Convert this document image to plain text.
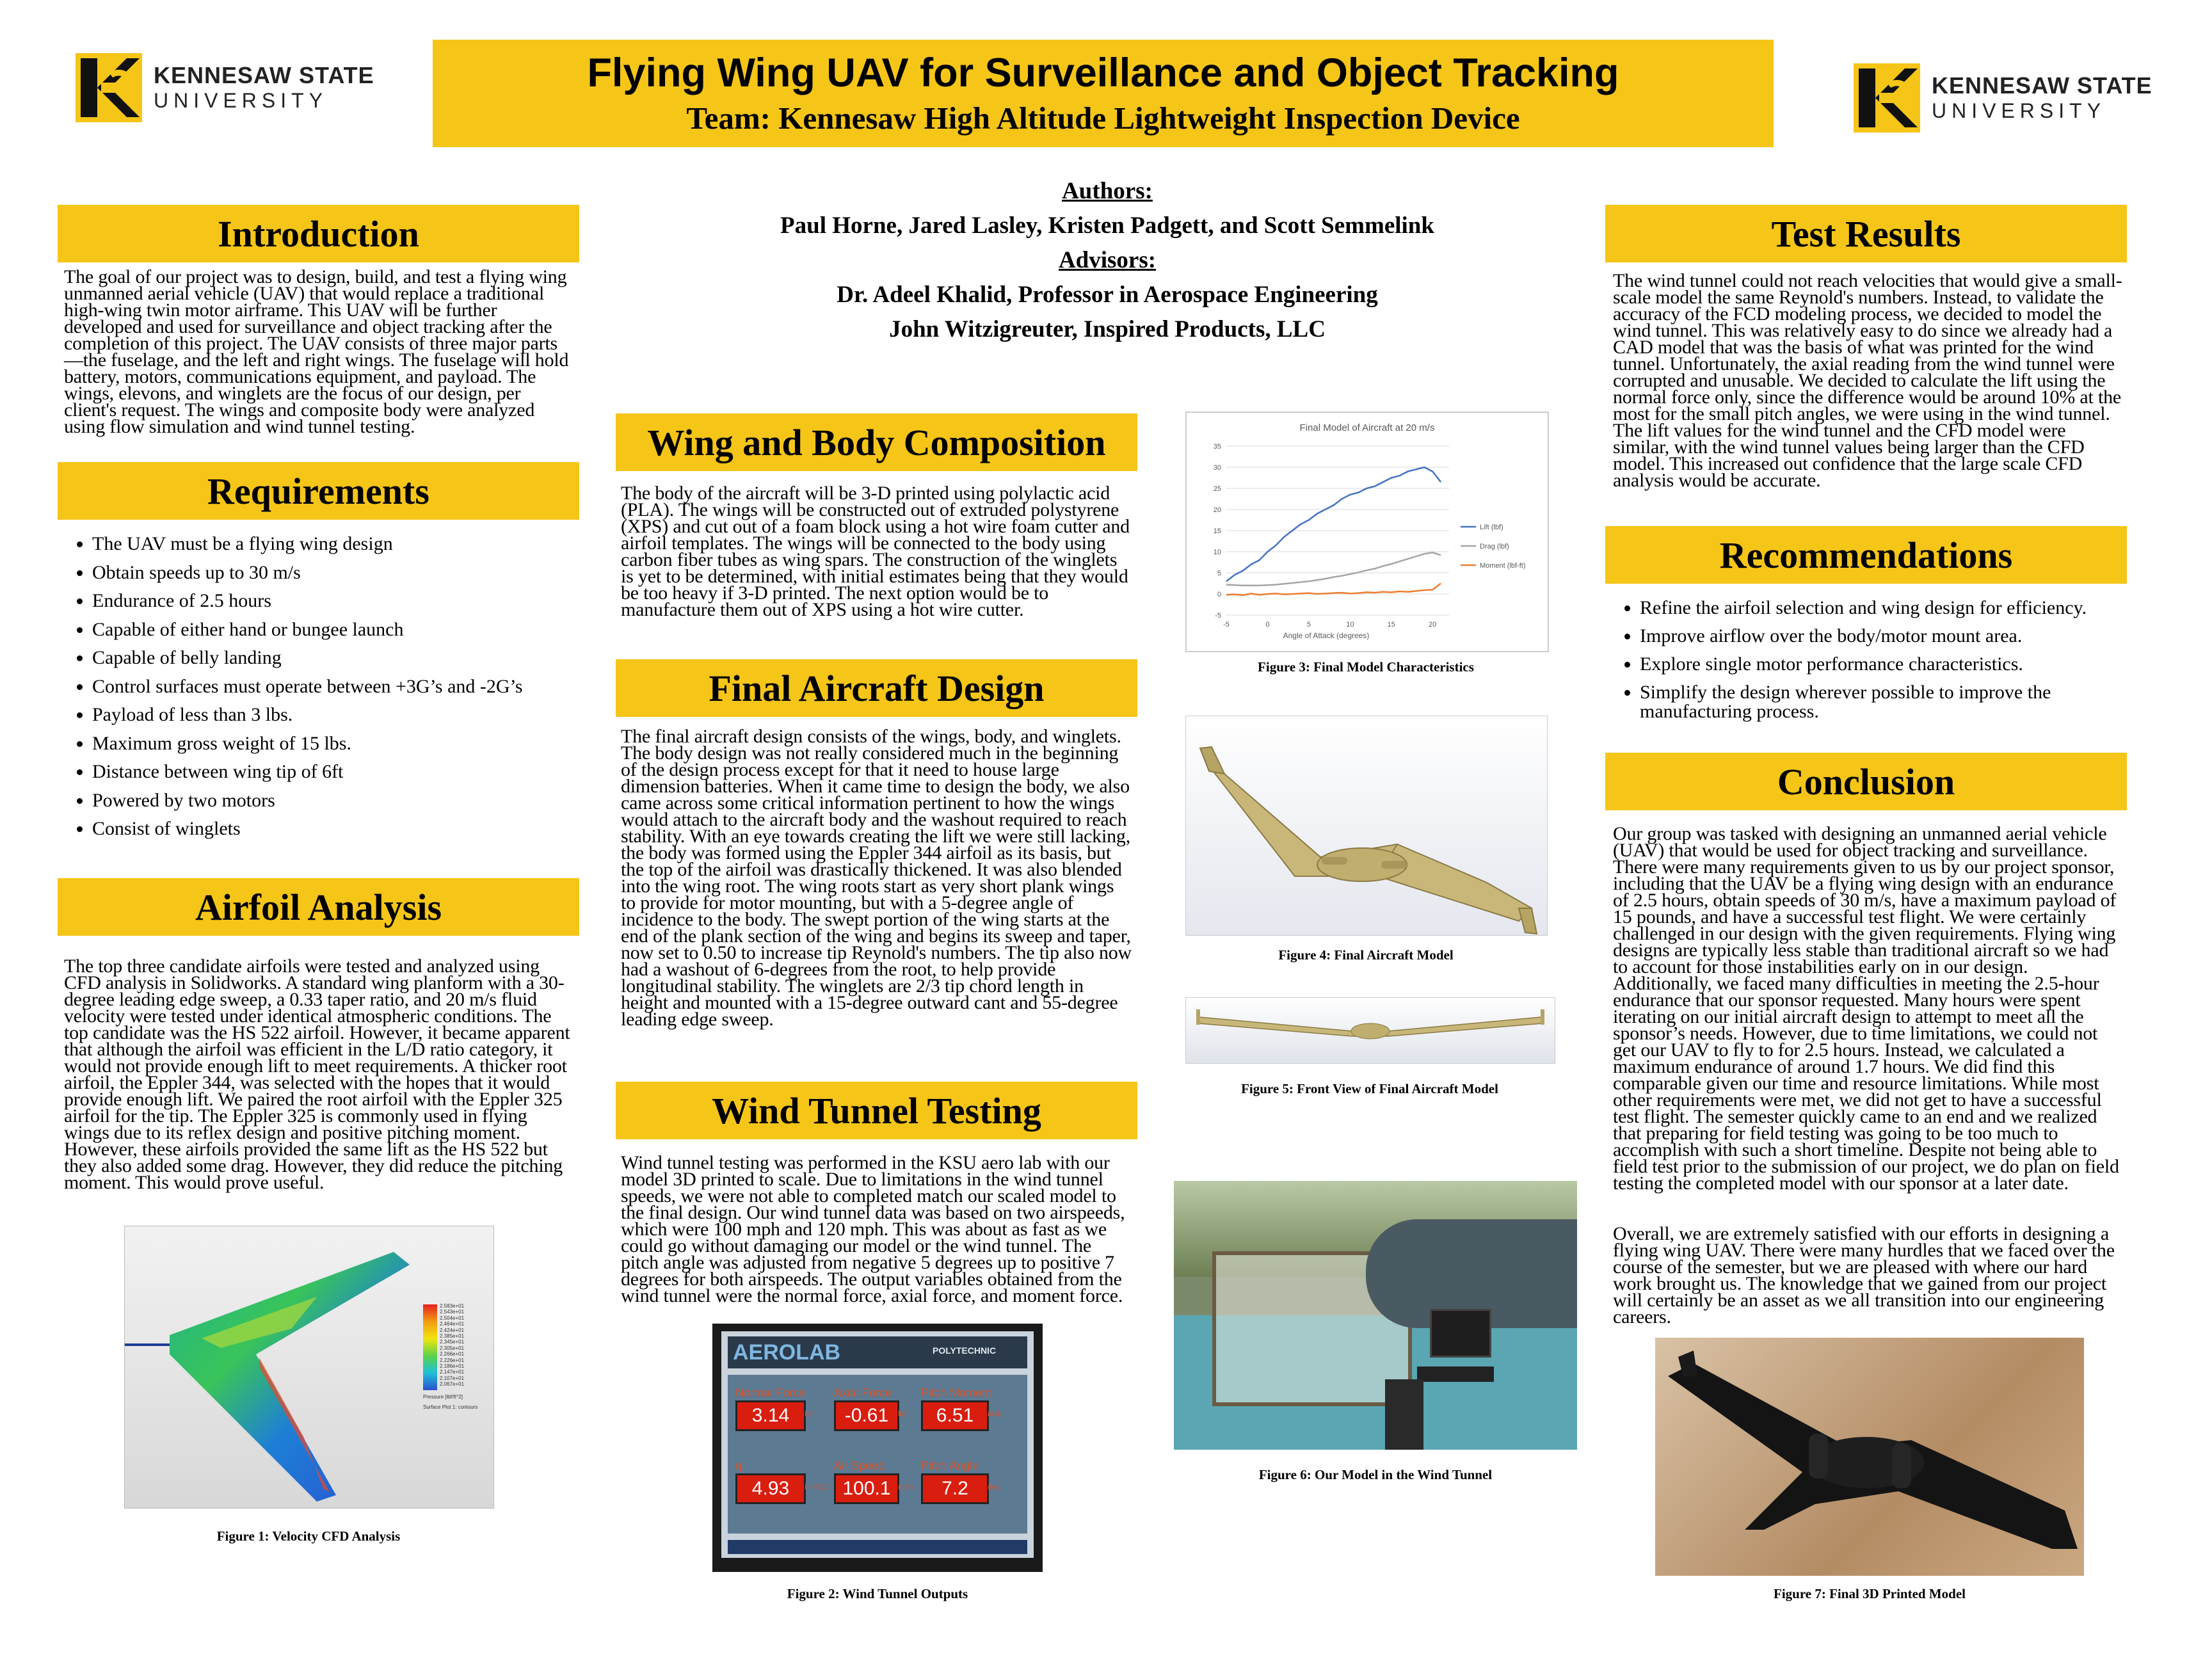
KENNESAW STATE
UNIVERSITY
Flying Wing UAV for Surveillance and Object Tracking
Team: Kennesaw High Altitude Lightweight Inspection Device
KENNESAW STATE
UNIVERSITY
Authors:
Paul Horne, Jared Lasley, Kristen Padgett, and Scott Semmelink
Advisors:
Dr. Adeel Khalid, Professor in Aerospace Engineering
John Witzigreuter, Inspired Products, LLC
Introduction
The goal of our project was to design, build, and test a flying wing unmanned aerial vehicle (UAV) that would replace a traditional high-wing twin motor airframe. This UAV will be further developed and used for surveillance and object tracking after the completion of this project. The UAV consists of three major parts—the fuselage, and the left and right wings. The fuselage will hold battery, motors, communications equipment, and payload. The wings, elevons, and winglets are the focus of our design, per client's request. The wings and composite body were analyzed using flow simulation and wind tunnel testing.
Requirements
• The UAV must be a flying wing design
• Obtain speeds up to 30 m/s
• Endurance of 2.5 hours
• Capable of either hand or bungee launch
• Capable of belly landing
• Control surfaces must operate between +3G’s and -2G’s
• Payload of less than 3 lbs.
• Maximum gross weight of 15 lbs.
• Distance between wing tip of 6ft
• Powered by two motors
• Consist of winglets
Airfoil Analysis
The top three candidate airfoils were tested and analyzed using CFD analysis in Solidworks. A standard wing planform with a 30-degree leading edge sweep, a 0.33 taper ratio, and 20 m/s fluid velocity were tested under identical atmospheric conditions. The top candidate was the HS 522 airfoil. However, it became apparent that although the airfoil was efficient in the L/D ratio category, it would not provide enough lift to meet requirements. A thicker root airfoil, the Eppler 344, was selected with the hopes that it would provide enough lift. We paired the root airfoil with the Eppler 325 airfoil for the tip. The Eppler 325 is commonly used in flying wings due to its reflex design and positive pitching moment. However, these airfoils provided the same lift as the HS 522 but they also added some drag. However, they did reduce the pitching moment. This would prove useful.
2.583e+01
2.543e+01
2.504e+01
2.464e+01
2.424e+01
2.385e+01
2.345e+01
2.305e+01
2.266e+01
2.226e+01
2.186e+01
2.147e+01
2.107e+01
2.067e+01
Pressure [lbf/ft^2]
Surface Plot 1: contours
Figure 1: Velocity CFD Analysis
Wing and Body Composition
The body of the aircraft will be 3-D printed using polylactic acid (PLA). The wings will be constructed out of extruded polystyrene (XPS) and cut out of a foam block using a hot wire foam cutter and airfoil templates. The wings will be connected to the body using carbon fiber tubes as wing spars. The construction of the winglets is yet to be determined, with initial estimates being that they would be too heavy if 3-D printed. The next option would be to manufacture them out of XPS using a hot wire cutter.
Final Aircraft Design
The final aircraft design consists of the wings, body, and winglets. The body design was not really considered much in the beginning of the design process except for that it need to house large dimension batteries. When it came time to design the body, we also came across some critical information pertinent to how the wings would attach to the aircraft body and the washout required to reach stability. With an eye towards creating the lift we were still lacking, the body was formed using the Eppler 344 airfoil as its basis, but the top of the airfoil was drastically thickened. It was also blended into the wing root. The wing roots start as very short plank wings to provide for motor mounting, but with a 5-degree angle of incidence to the body. The swept portion of the wing starts at the end of the plank section of the wing and begins its sweep and taper, now set to 0.50 to increase tip Reynold's numbers. The tip also now had a washout of 6-degrees from the root, to help provide longitudinal stability. The winglets are 2/3 tip chord length in height and mounted with a 15-degree outward cant and 55-degree leading edge sweep.
Wind Tunnel Testing
Wind tunnel testing was performed in the KSU aero lab with our model 3D printed to scale. Due to limitations in the wind tunnel speeds, we were not able to completed match our scaled model to the final design. Our wind tunnel data was based on two airspeeds, which were 100 mph and 120 mph. This was about as fast as we could go without damaging our model or the wind tunnel. The pitch angle was adjusted from negative 5 degrees up to positive 7 degrees for both airspeeds. The output variables obtained from the wind tunnel were the normal force, axial force, and moment force.
AEROLAB	POLYTECHNIC
Normal Force
3.14	lbf
Axial Force
-0.61	lbf
Pitch Moment
6.51	in-lb
q
4.93	in H2O
Air Speed
100.1 mph
Pitch Angle
7.2	deg
Figure 2: Wind Tunnel Outputs
Final Model of Aircraft at 20 m/s
-5
0
5
10
15
20
25
30
35
-5	0	5	10	15	20
Lift (lbf)
Drag (lbf)
Moment (lbf-ft)
Angle of Attack (degrees)
Figure 3: Final Model Characteristics
Figure 4: Final Aircraft Model
Figure 5: Front View of Final Aircraft Model
Figure 6: Our Model in the Wind Tunnel
Test Results
The wind tunnel could not reach velocities that would give a small-scale model the same Reynold's numbers. Instead, to validate the accuracy of the FCD modeling process, we decided to model the wind tunnel. This was relatively easy to do since we already had a CAD model that was the basis of what was printed for the wind tunnel. Unfortunately, the axial reading from the wind tunnel were corrupted and unusable. We decided to calculate the lift using the normal force only, since the difference would be around 10% at the most for the small pitch angles, we were using in the wind tunnel. The lift values for the wind tunnel and the CFD model were similar, with the wind tunnel values being larger than the CFD model. This increased out confidence that the large scale CFD analysis would be accurate.
Recommendations
• Refine the airfoil selection and wing design for efficiency.
• Improve airflow over the body/motor mount area.
• Explore single motor performance characteristics.
• Simplify the design wherever possible to improve the manufacturing process.
Conclusion
Our group was tasked with designing an unmanned aerial vehicle (UAV) that would be used for object tracking and surveillance. There were many requirements given to us by our project sponsor, including that the UAV be a flying wing design with an endurance of 2.5 hours, obtain speeds of 30 m/s, have a maximum payload of 15 pounds, and have a successful test flight. We were certainly challenged in our design with the given requirements. Flying wing designs are typically less stable than traditional aircraft so we had to account for those instabilities early on in our design. Additionally, we faced many difficulties in meeting the 2.5-hour endurance that our sponsor requested. Many hours were spent iterating on our initial aircraft design to attempt to meet all the sponsor’s needs. However, due to time limitations, we could not get our UAV to fly to for 2.5 hours. Instead, we calculated a maximum endurance of around 1.7 hours. We did find this comparable given our time and resource limitations. While most other requirements were met, we did not get to have a successful test flight. The semester quickly came to an end and we realized that preparing for field testing was going to be too much to accomplish with such a short timeline. Despite not being able to field test prior to the submission of our project, we do plan on field testing the completed model with our sponsor at a later date.
Overall, we are extremely satisfied with our efforts in designing a flying wing UAV. There were many hurdles that we faced over the course of the semester, but we are pleased with where our hard work brought us. The knowledge that we gained from our project will certainly be an asset as we all transition into our engineering careers.
Figure 7: Final 3D Printed Model
